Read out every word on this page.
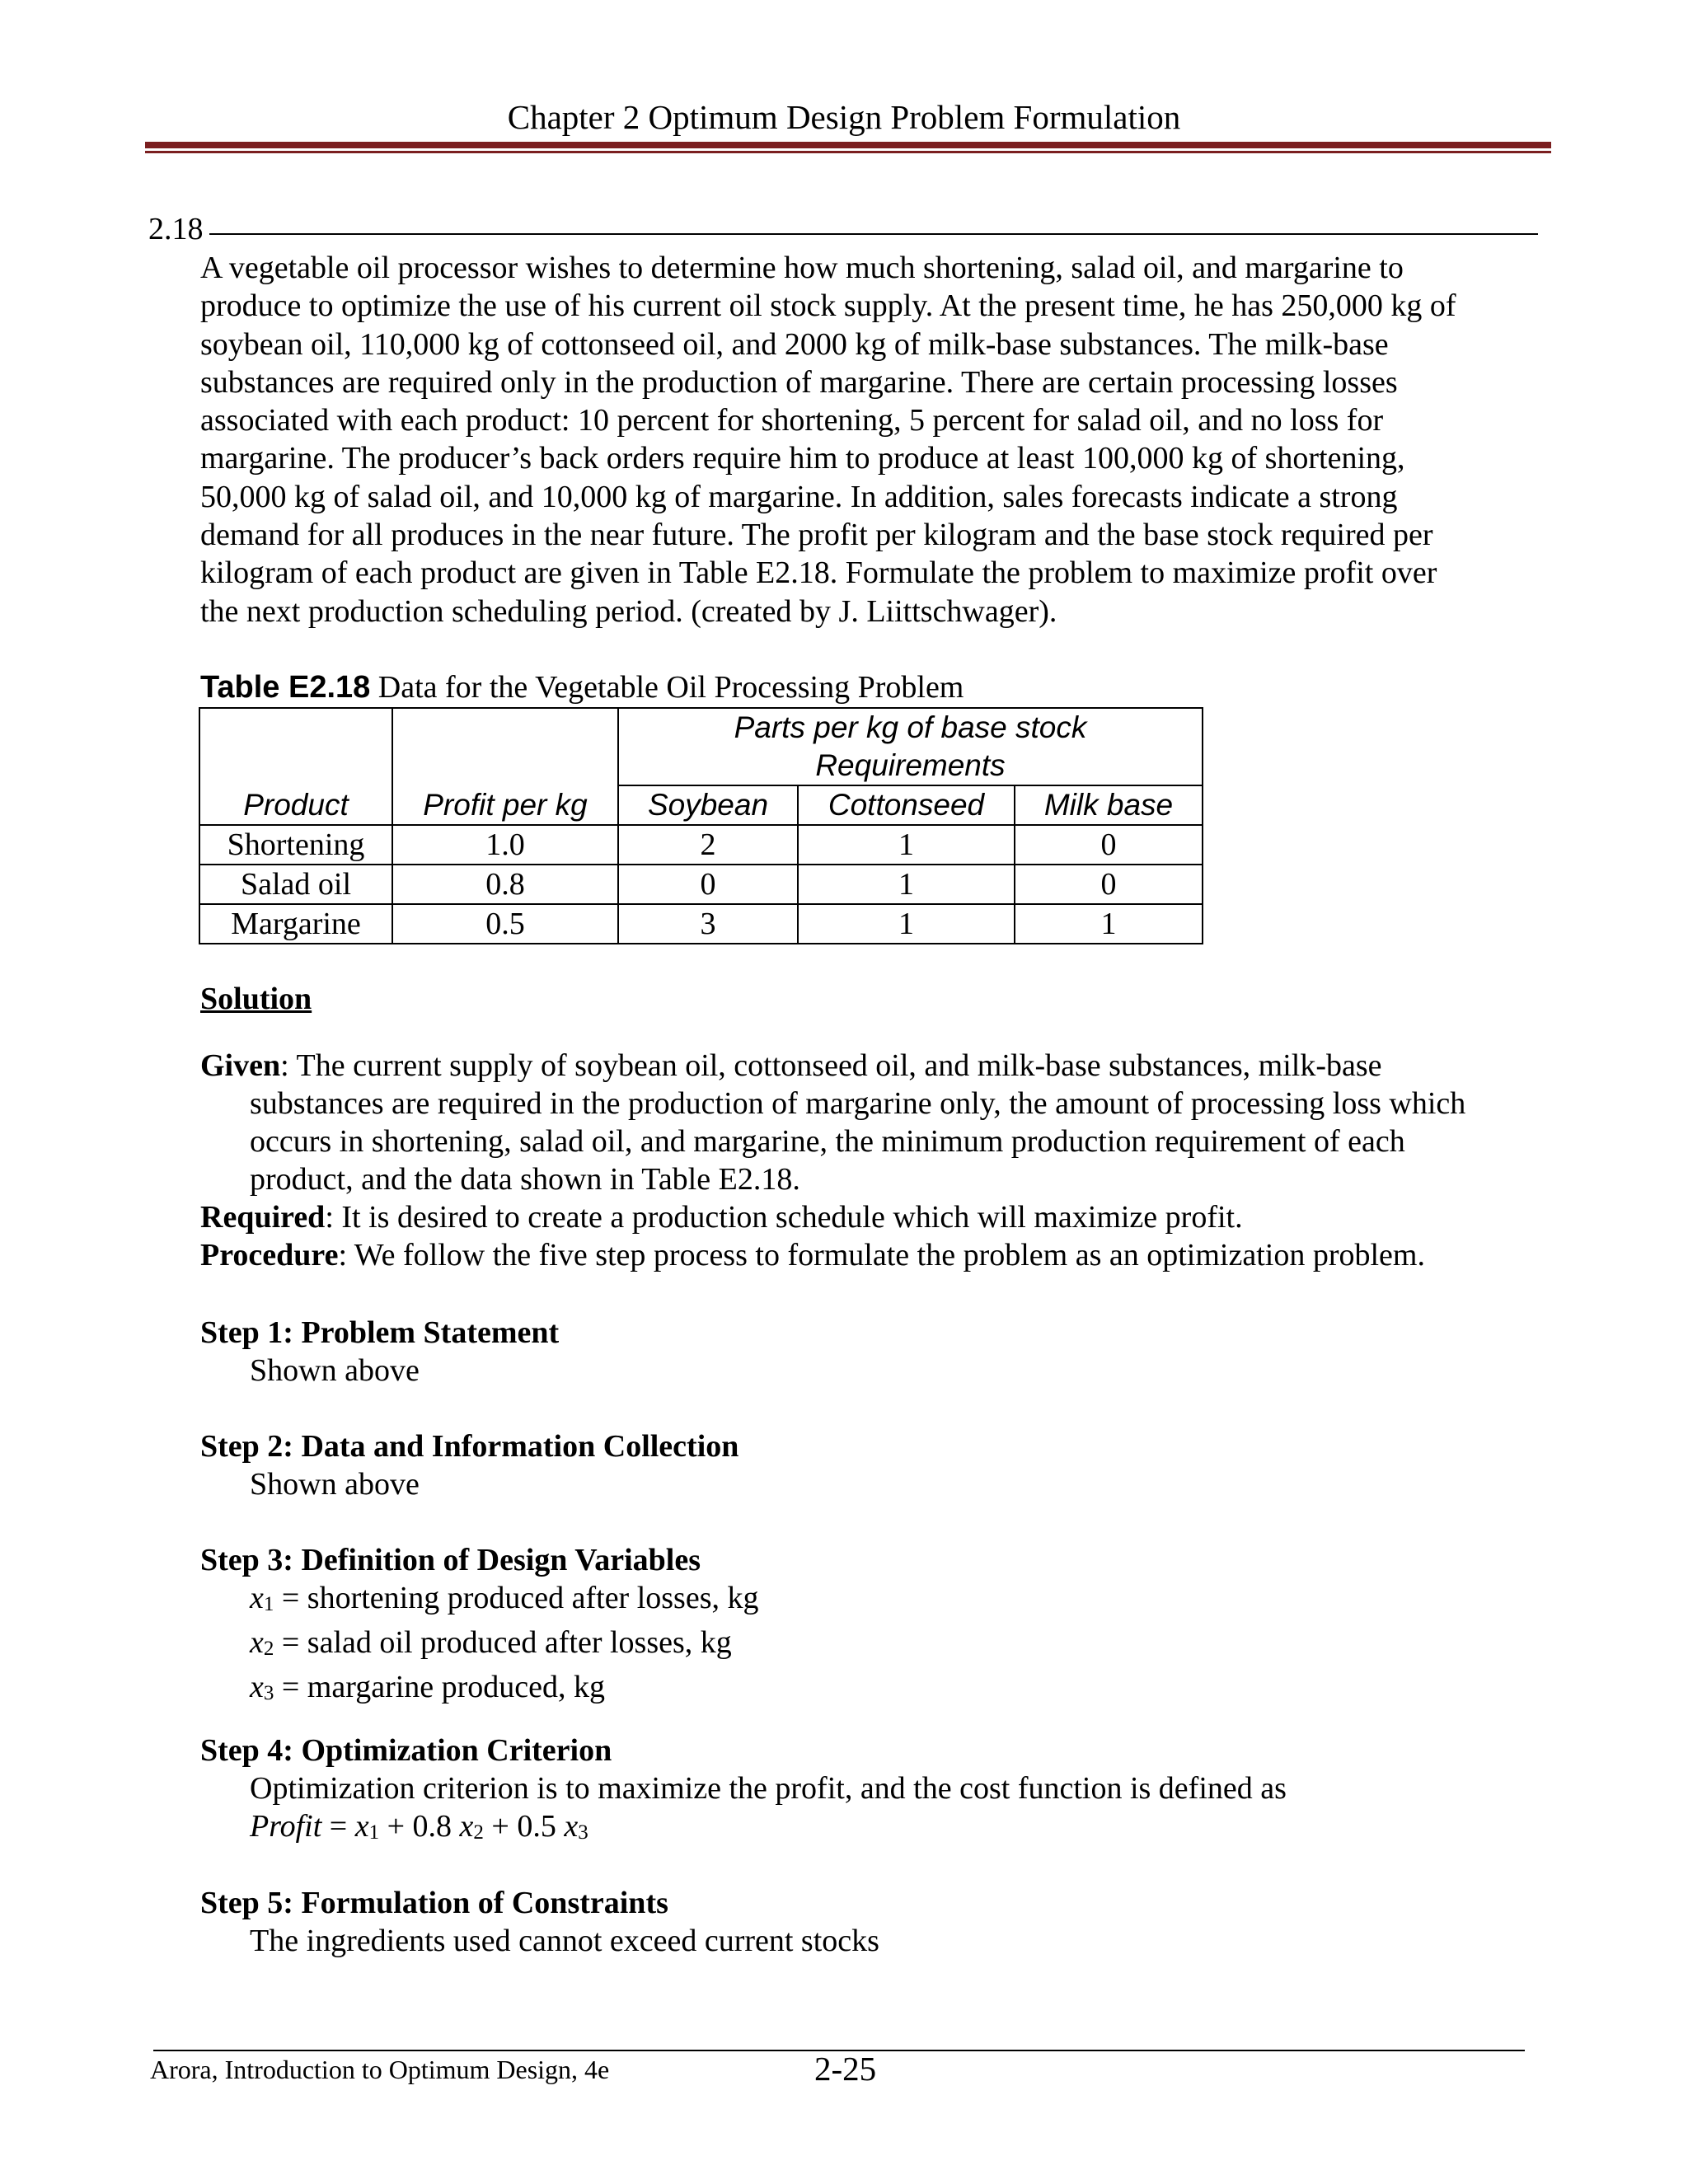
Chapter 2 Optimum Design Problem Formulation
2.18
A vegetable oil processor wishes to determine how much shortening, salad oil, and margarine to
produce to optimize the use of his current oil stock supply. At the present time, he has 250,000 kg of
soybean oil, 110,000 kg of cottonseed oil, and 2000 kg of milk-base substances. The milk-base
substances are required only in the production of margarine. There are certain processing losses
associated with each product: 10 percent for shortening, 5 percent for salad oil, and no loss for
margarine. The producer’s back orders require him to produce at least 100,000 kg of shortening,
50,000 kg of salad oil, and 10,000 kg of margarine. In addition, sales forecasts indicate a strong
demand for all produces in the near future. The profit per kilogram and the base stock required per
kilogram of each product are given in Table E2.18. Formulate the problem to maximize profit over
the next production scheduling period. (created by J. Liittschwager).
Table E2.18 Data for the Vegetable Oil Processing Problem

		Parts per kg of base stock
Requirements		

Product	Profit per kg	Soybean	Cottonseed	Milk base
Shortening	1.0	2	1	0
Salad oil	0.8	0	1	0
Margarine	0.5	3	1	1
Solution
Given: The current supply of soybean oil, cottonseed oil, and milk-base substances, milk-base
substances are required in the production of margarine only, the amount of processing loss which
occurs in shortening, salad oil, and margarine, the minimum production requirement of each
product, and the data shown in Table E2.18.
Required: It is desired to create a production schedule which will maximize profit.
Procedure: We follow the five step process to formulate the problem as an optimization problem.
Step 1: Problem Statement
Shown above
Step 2: Data and Information Collection
Shown above
Step 3: Definition of Design Variables
$x_1$ = shortening produced after losses, kg
$x_2$ = salad oil produced after losses, kg
$x_3$ = margarine produced, kg
Step 4: Optimization Criterion
Optimization criterion is to maximize the profit, and the cost function is defined as
Profit = $x_1 + 0.8$ $x_2 + 0.5$ $x_3$
Step 5: Formulation of Constraints
The ingredients used cannot exceed current stocks
Arora, Introduction to Optimum Design, 4e	2-25
